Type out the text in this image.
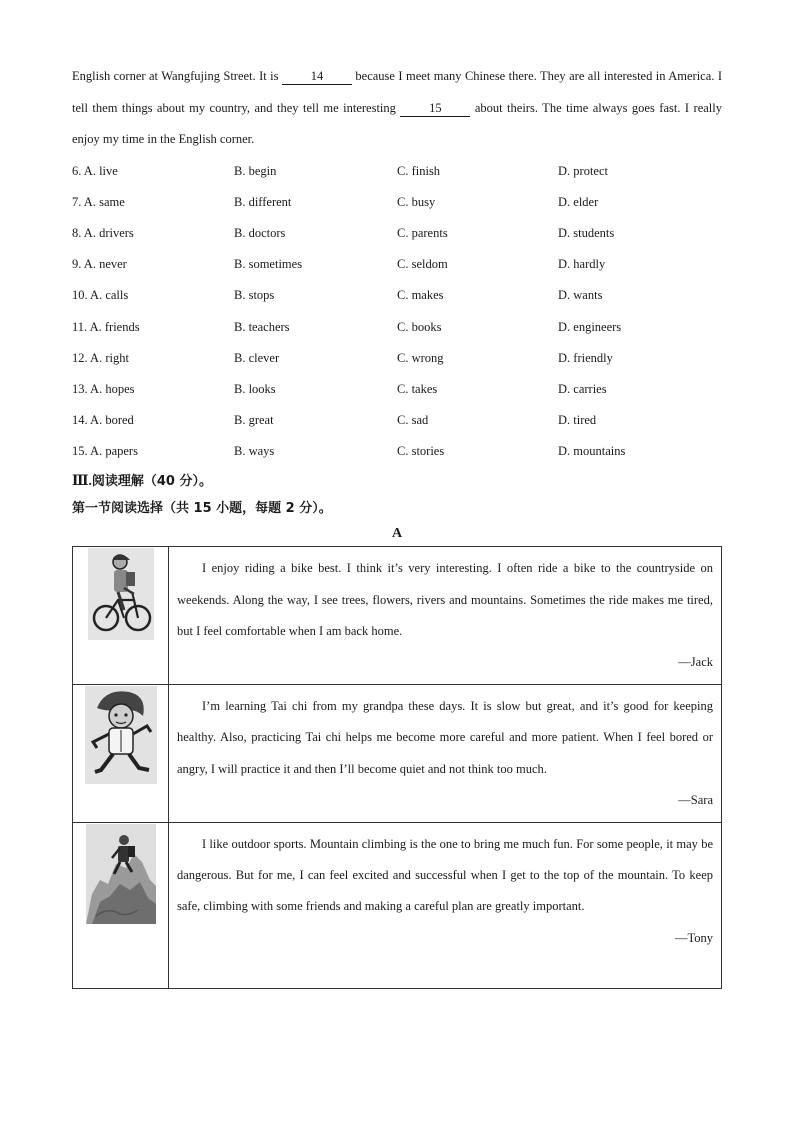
English corner at Wangfujing Street. It is 14 because I meet many Chinese there. They are all interested in America. I tell them things about my country, and they tell me interesting 15 about theirs. The time always goes fast. I really enjoy my time in the English corner.
6. A. live	B. begin	C. finish	D. protect
7. A. same	B. different	C. busy	D. elder
8. A. drivers	B. doctors	C. parents	D. students
9. A. never	B. sometimes	C. seldom	D. hardly
10. A. calls	B. stops	C. makes	D. wants
11. A. friends	B. teachers	C. books	D. engineers
12. A. right	B. clever	C. wrong	D. friendly
13. A. hopes	B. looks	C. takes	D. carries
14. A. bored	B. great	C. sad	D. tired
15. A. papers	B. ways	C. stories	D. mountains
Ⅲ.阅读理解（40 分）。
第一节阅读选择（共 15 小题，每题 2 分）。
A

I enjoy riding a bike best. I think it’s very interesting. I often ride a bike to the countryside on weekends. Along the way, I see trees, flowers, rivers and mountains. Sometimes the ride makes me tired, but I feel comfortable when I am back home.
—Jack

I’m learning Tai chi from my grandpa these days. It is slow but great, and it’s good for keeping healthy. Also, practicing Tai chi helps me become more careful and more patient. When I feel bored or angry, I will practice it and then I’ll become quiet and not think too much.
—Sara

I like outdoor sports. Mountain climbing is the one to bring me much fun. For some people, it may be dangerous. But for me, I can feel excited and successful when I get to the top of the mountain. To keep safe, climbing with some friends and making a careful plan are greatly important.
—Tony
